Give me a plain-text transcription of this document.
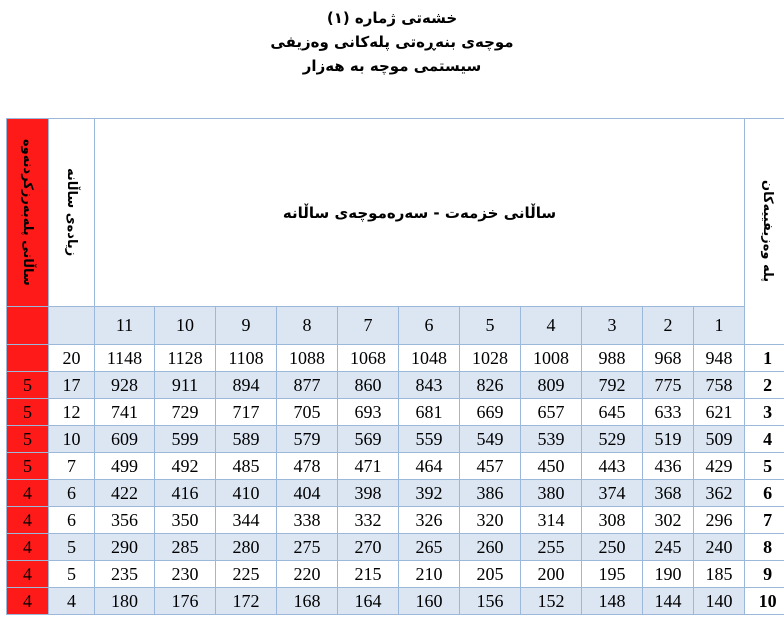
خشەتی ژمارە (١)
موچەی بنەڕەتی پلەکانی وەزیفی
سیستمی موچە بە هەزار
ساڵانی پلەبەرزکردنەوە	زیادەی ساڵانە	ساڵانی خزمەت - سەرەموچەی ساڵانە											پلە وەزیفییەکان

		11	10	9	8	7	6	5	4	3	2	1	
	20	1148	1128	1108	1088	1068	1048	1028	1008	988	968	948	1
5	17	928	911	894	877	860	843	826	809	792	775	758	2
5	12	741	729	717	705	693	681	669	657	645	633	621	3
5	10	609	599	589	579	569	559	549	539	529	519	509	4
5	7	499	492	485	478	471	464	457	450	443	436	429	5
4	6	422	416	410	404	398	392	386	380	374	368	362	6
4	6	356	350	344	338	332	326	320	314	308	302	296	7
4	5	290	285	280	275	270	265	260	255	250	245	240	8
4	5	235	230	225	220	215	210	205	200	195	190	185	9
4	4	180	176	172	168	164	160	156	152	148	144	140	10
